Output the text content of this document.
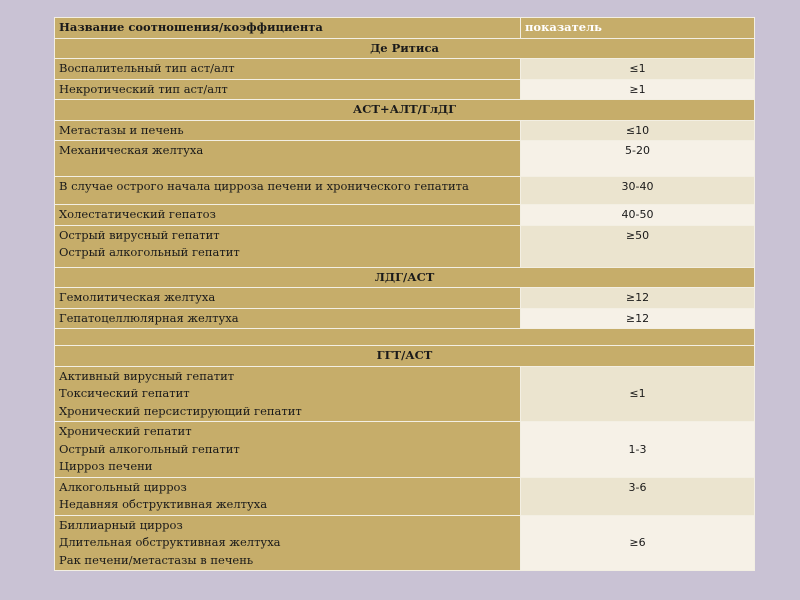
Название соотношения/коэффициента	показатель
Де Ритиса	

Воспалительный тип аст/алт	≤1

Некротический тип аст/алт	≥1
АСТ+АЛТ/ГлДГ	

Метастазы и печень	≤10

Механическая желтуха	5-20

В случае острого начала цирроза печени и хронического гепатита	30-40

Холестатический гепатоз	40-50

Острый вирусный гепатит
Острый алкогольный гепатит	≥50
ЛДГ/АСТ	

Гемолитическая желтуха	≥12

Гепатоцеллюлярная желтуха	≥12

ГГТ/АСТ	

Активный вирусный гепатит
Токсический гепатит
Хронический персистирующий гепатит	≤1

Хронический гепатит
Острый алкогольный гепатит
Цирроз печени	1-3

Алкогольный цирроз
Недавняя обструктивная желтуха	3-6

Биллиарный цирроз
Длительная обструктивная желтуха
Рак печени/метастазы в печень	≥6
